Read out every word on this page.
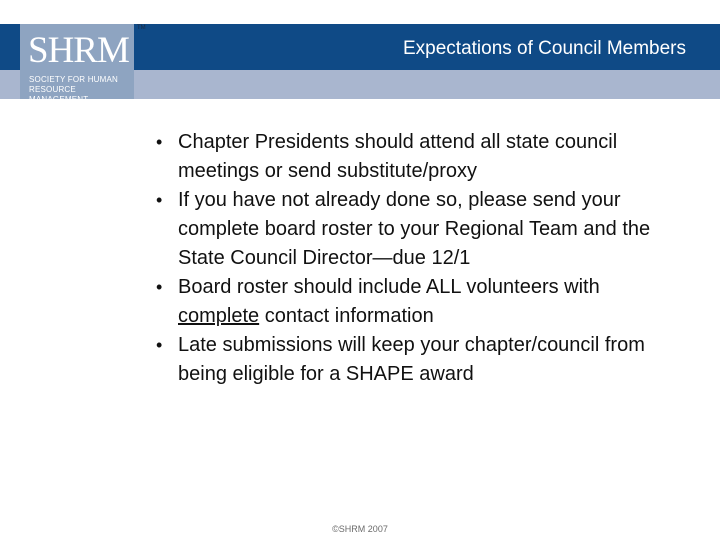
SHRM
SOCIETY FOR HUMAN
RESOURCE MANAGEMENT
TM
Expectations of Council Members
• Chapter Presidents should attend all state council meetings or send substitute/proxy
• If you have not already done so, please send your complete board roster to your Regional Team and the State Council Director—due 12/1
• Board roster should include ALL volunteers with complete contact information
• Late submissions will keep your chapter/council from being eligible for a SHAPE award
©SHRM 2007
